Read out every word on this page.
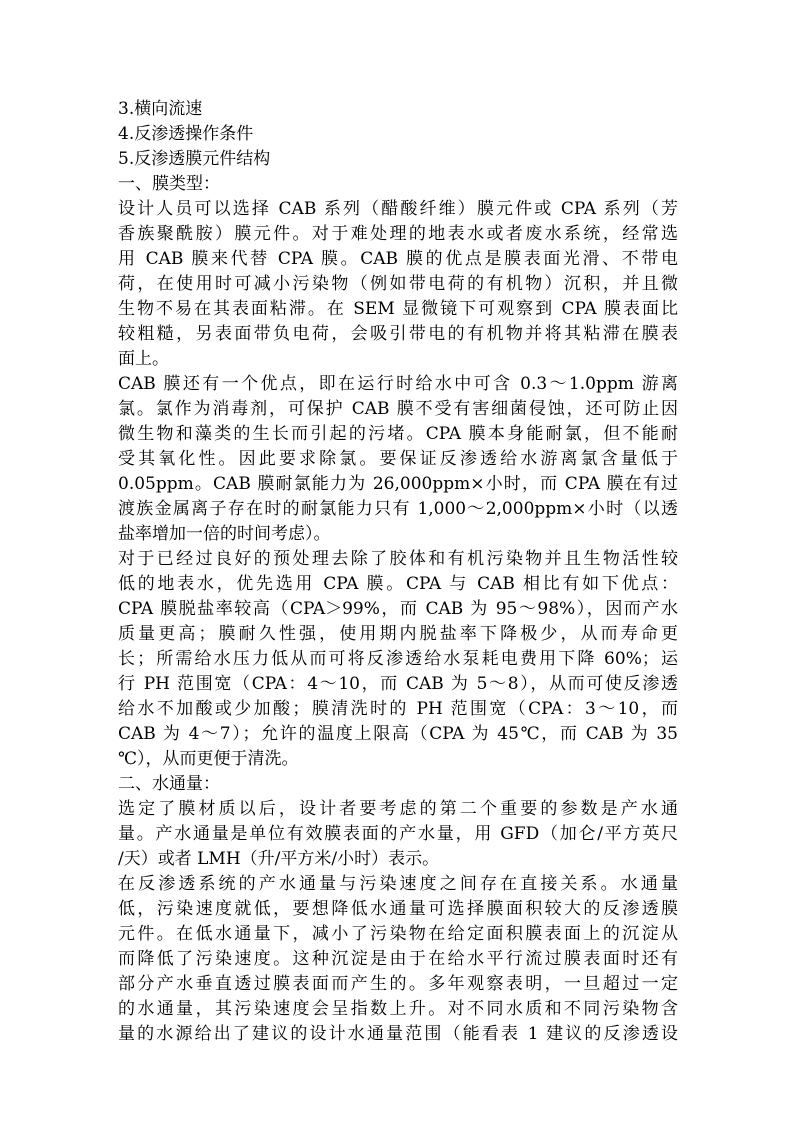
3.横向流速
4.反渗透操作条件
5.反渗透膜元件结构
一、膜类型：
设计人员可以选择 CAB 系列（醋酸纤维）膜元件或 CPA 系列（芳
香族聚酰胺）膜元件。对于难处理的地表水或者废水系统，经常选
用 CAB 膜来代替 CPA 膜。CAB 膜的优点是膜表面光滑、不带电
荷，在使用时可减小污染物（例如带电荷的有机物）沉积，并且微
生物不易在其表面粘滞。在 SEM 显微镜下可观察到 CPA 膜表面比
较粗糙，另表面带负电荷，会吸引带电的有机物并将其粘滞在膜表
面上。
CAB 膜还有一个优点，即在运行时给水中可含 0.3～1.0ppm 游离
氯。氯作为消毒剂，可保护 CAB 膜不受有害细菌侵蚀，还可防止因
微生物和藻类的生长而引起的污堵。CPA 膜本身能耐氯，但不能耐
受其氧化性。因此要求除氯。要保证反渗透给水游离氯含量低于
0.05ppm。CAB 膜耐氯能力为 26,000ppm×小时，而 CPA 膜在有过
渡族金属离子存在时的耐氯能力只有 1,000～2,000ppm×小时（以透
盐率增加一倍的时间考虑）。
对于已经过良好的预处理去除了胶体和有机污染物并且生物活性较
低的地表水，优先选用 CPA 膜。CPA 与 CAB 相比有如下优点：
CPA 膜脱盐率较高（CPA＞99%，而 CAB 为 95～98%），因而产水
质量更高；膜耐久性强，使用期内脱盐率下降极少，从而寿命更
长；所需给水压力低从而可将反渗透给水泵耗电费用下降 60%；运
行 PH 范围宽（CPA：4～10，而 CAB 为 5～8），从而可使反渗透
给水不加酸或少加酸；膜清洗时的 PH 范围宽（CPA：3～10，而
CAB 为 4～7）；允许的温度上限高（CPA 为 45℃，而 CAB 为 35
℃），从而更便于清洗。
二、水通量：
选定了膜材质以后，设计者要考虑的第二个重要的参数是产水通
量。产水通量是单位有效膜表面的产水量，用 GFD（加仑/平方英尺
/天）或者 LMH（升/平方米/小时）表示。
在反渗透系统的产水通量与污染速度之间存在直接关系。水通量
低，污染速度就低，要想降低水通量可选择膜面积较大的反渗透膜
元件。在低水通量下，减小了污染物在给定面积膜表面上的沉淀从
而降低了污染速度。这种沉淀是由于在给水平行流过膜表面时还有
部分产水垂直透过膜表面而产生的。多年观察表明，一旦超过一定
的水通量，其污染速度会呈指数上升。对不同水质和不同污染物含
量的水源给出了建议的设计水通量范围（能看表 1 建议的反渗透设
